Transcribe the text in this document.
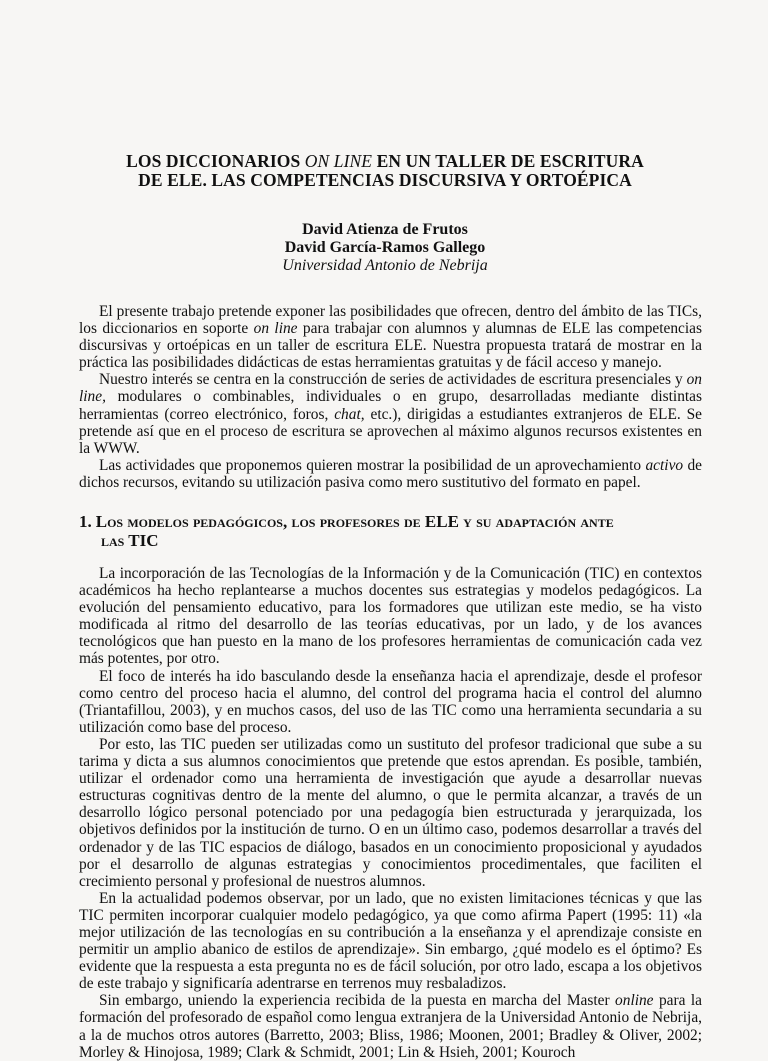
LOS DICCIONARIOS ON LINE EN UN TALLER DE ESCRITURA
DE ELE. LAS COMPETENCIAS DISCURSIVA Y ORTOÉPICA
David Atienza de Frutos
David García-Ramos Gallego
Universidad Antonio de Nebrija

El presente trabajo pretende exponer las posibilidades que ofrecen, dentro del ámbito de las TICs, los diccionarios en soporte on line para trabajar con alumnos y alumnas de ELE las competencias discursivas y ortoépicas en un taller de escritura ELE. Nuestra propuesta tratará de mostrar en la práctica las posibilidades didácticas de estas herramientas gratuitas y de fácil acceso y manejo.

Nuestro interés se centra en la construcción de series de actividades de escritura presenciales y on line, modulares o combinables, individuales o en grupo, desarrolladas mediante distintas herramientas (correo electrónico, foros, chat, etc.), dirigidas a estudiantes extranjeros de ELE. Se pretende así que en el proceso de escritura se aprovechen al máximo algunos recursos existentes en la WWW.

Las actividades que proponemos quieren mostrar la posibilidad de un aprovechamiento activo de dichos recursos, evitando su utilización pasiva como mero sustitutivo del formato en papel.

1. Los modelos pedagógicos, los profesores de ELE y su adaptación ante
las TIC

La incorporación de las Tecnologías de la Información y de la Comunicación (TIC) en contextos académicos ha hecho replantearse a muchos docentes sus estrategias y modelos pedagógicos. La evolución del pensamiento educativo, para los formadores que utilizan este medio, se ha visto modificada al ritmo del desarrollo de las teorías educativas, por un lado, y de los avances tecnológicos que han puesto en la mano de los profesores herramientas de comunicación cada vez más potentes, por otro.

El foco de interés ha ido basculando desde la enseñanza hacia el aprendizaje, desde el profesor como centro del proceso hacia el alumno, del control del programa hacia el control del alumno (Triantafillou, 2003), y en muchos casos, del uso de las TIC como una herramienta secundaria a su utilización como base del proceso.

Por esto, las TIC pueden ser utilizadas como un sustituto del profesor tradicional que sube a su tarima y dicta a sus alumnos conocimientos que pretende que estos aprendan. Es posible, también, utilizar el ordenador como una herramienta de investigación que ayude a desarrollar nuevas estructuras cognitivas dentro de la mente del alumno, o que le permita alcanzar, a través de un desarrollo lógico personal potenciado por una pedagogía bien estructurada y jerarquizada, los objetivos definidos por la institución de turno. O en un último caso, podemos desarrollar a través del ordenador y de las TIC espacios de diálogo, basados en un conocimiento proposicional y ayudados por el desarrollo de algunas estrategias y conocimientos procedimentales, que faciliten el crecimiento personal y profesional de nuestros alumnos.

En la actualidad podemos observar, por un lado, que no existen limitaciones técnicas y que las TIC permiten incorporar cualquier modelo pedagógico, ya que como afirma Papert (1995: 11) «la mejor utilización de las tecnologías en su contribución a la enseñanza y el aprendizaje consiste en permitir un amplio abanico de estilos de aprendizaje». Sin embargo, ¿qué modelo es el óptimo? Es evidente que la respuesta a esta pregunta no es de fácil solución, por otro lado, escapa a los objetivos de este trabajo y significaría adentrarse en terrenos muy resbaladizos.

Sin embargo, uniendo la experiencia recibida de la puesta en marcha del Master online para la formación del profesorado de español como lengua extranjera de la Universidad Antonio de Nebrija, a la de muchos otros autores (Barretto, 2003; Bliss, 1986; Moonen, 2001; Bradley & Oliver, 2002; Morley & Hinojosa, 1989; Clark & Schmidt, 2001; Lin & Hsieh, 2001; Kouroch
